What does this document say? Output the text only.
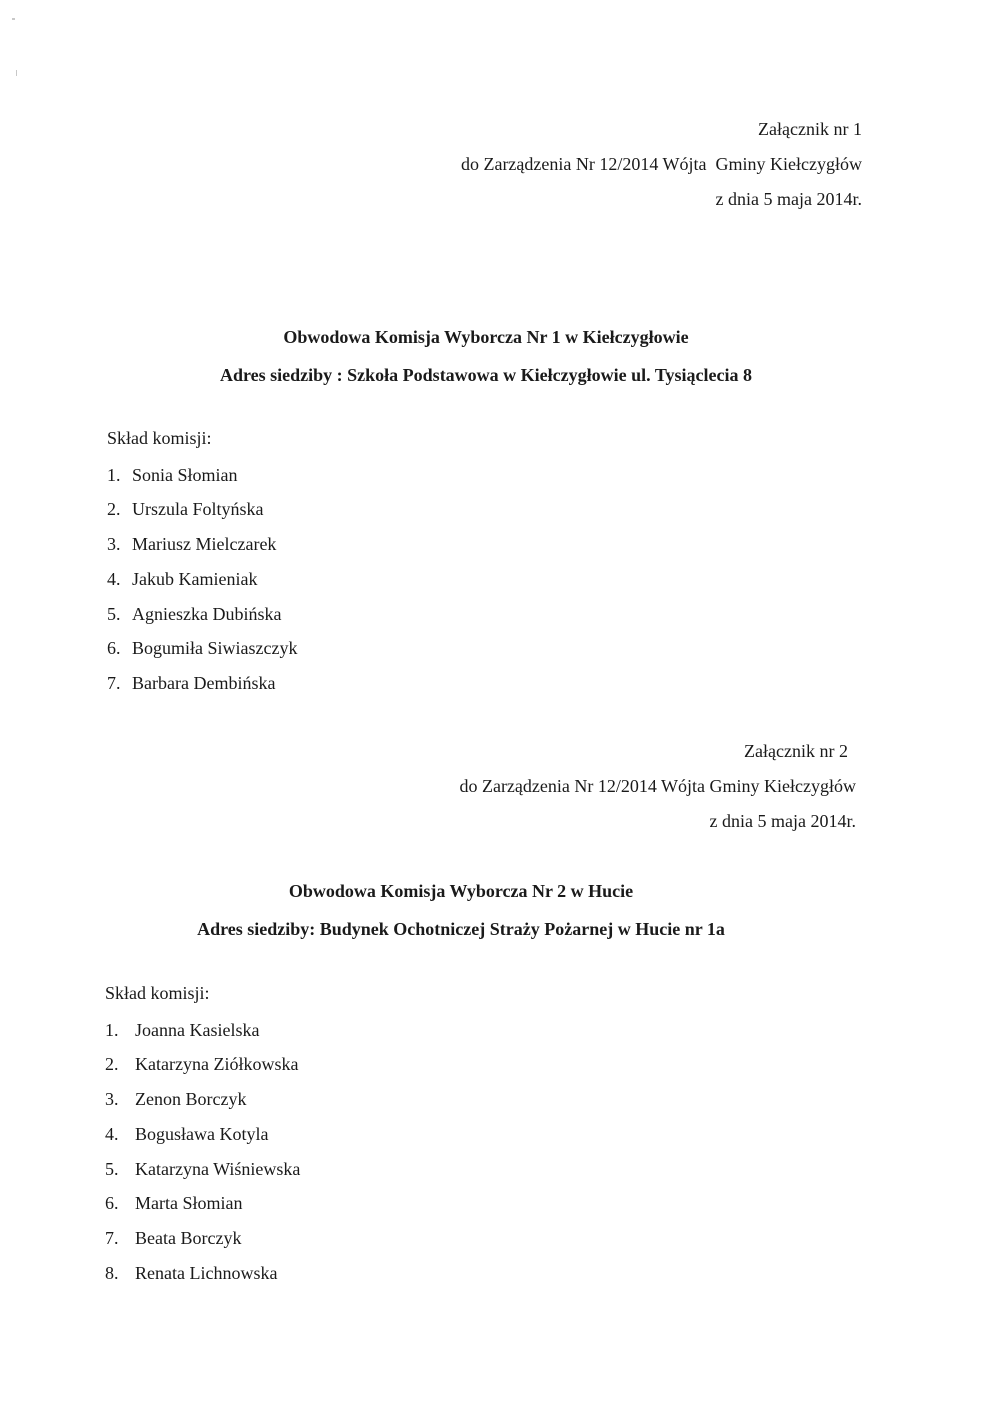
Załącznik nr 1
do Zarządzenia Nr 12/2014 Wójta  Gminy Kiełczygłów
z dnia 5 maja 2014r.
Obwodowa Komisja Wyborcza Nr 1 w Kiełczygłowie
Adres siedziby : Szkoła Podstawowa w Kiełczygłowie ul. Tysiąclecia 8
Skład komisji:
1. Sonia Słomian
2. Urszula Foltyńska
3. Mariusz Mielczarek
4. Jakub Kamieniak
5. Agnieszka Dubińska
6. Bogumiła Siwiaszczyk
7. Barbara Dembińska
Załącznik nr 2
do Zarządzenia Nr 12/2014 Wójta Gminy Kiełczygłów
z dnia 5 maja 2014r.
Obwodowa Komisja Wyborcza Nr 2 w Hucie
Adres siedziby: Budynek Ochotniczej Straży Pożarnej w Hucie nr 1a
Skład komisji:
1. Joanna Kasielska
2. Katarzyna Ziółkowska
3. Zenon Borczyk
4. Bogusława Kotyla
5. Katarzyna Wiśniewska
6. Marta Słomian
7. Beata Borczyk
8. Renata Lichnowska
